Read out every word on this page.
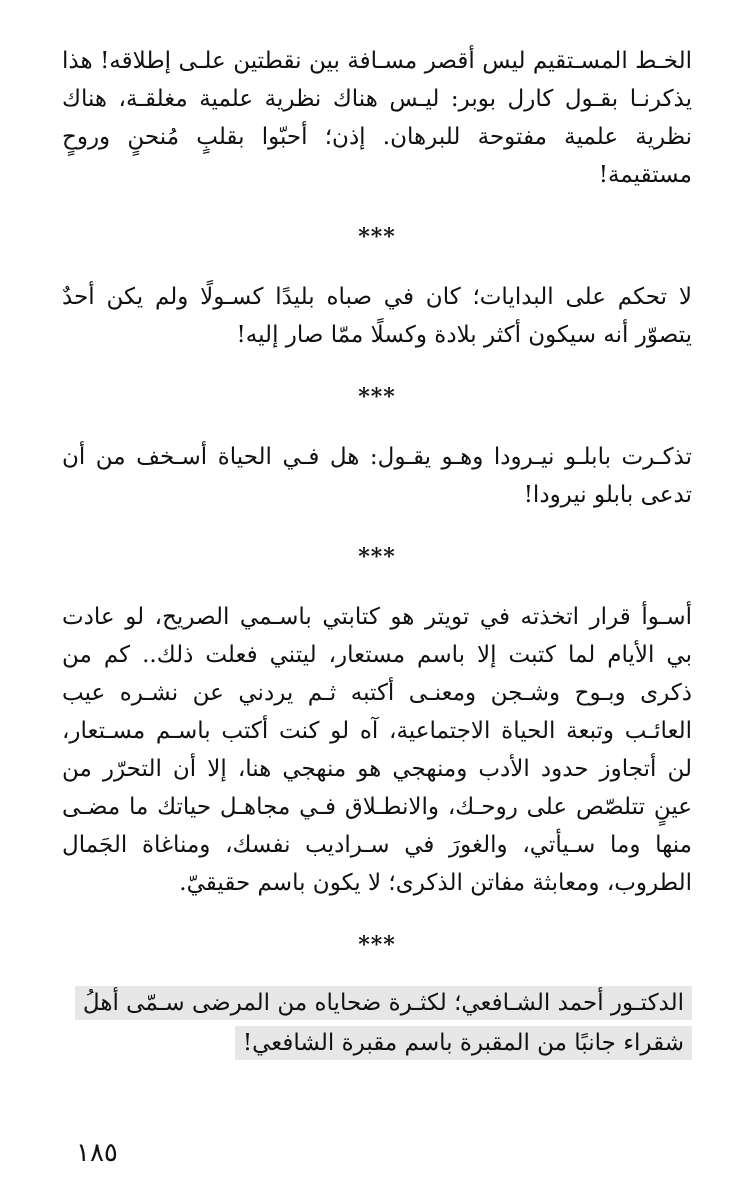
الخـط المسـتقيم ليس أقصر مسـافة بين نقطتين علـى إطلاقه! هذا يذكرنـا بقـول كارل بوبر: ليـس هناك نظرية علمية مغلقـة، هناك نظرية علمية مفتوحة للبرهان. إذن؛ أحبّوا بقلبٍ مُنحنٍ وروحٍ مستقيمة!

***

لا تحكم على البدايات؛ كان في صباه بليدًا كسـولًا ولم يكن أحدٌ يتصوّر أنه سيكون أكثر بلادة وكسلًا ممّا صار إليه!

***

تذكـرت بابلـو نيـرودا وهـو يقـول: هل فـي الحياة أسـخف من أن تدعى بابلو نيرودا!

***

أسـوأ قرار اتخذته في تويتر هو كتابتي باسـمي الصريح، لو عادت بي الأيام لما كتبت إلا باسم مستعار، ليتني فعلت ذلك.. كم من ذكرى وبـوح وشـجن ومعنـى أكتبه ثـم يردني عن نشـره عيب العائـب وتبعة الحياة الاجتماعية، آه لو كنت أكتب باسـم مسـتعار، لن أتجاوز حدود الأدب ومنهجي هو منهجي هنا، إلا أن التحرّر من عينٍ تتلصّص على روحـك، والانطـلاق فـي مجاهـل حياتك ما مضـى منها وما سـيأتي، والغورَ في سـراديب نفسك، ومناغاة الجَمال الطروب، ومعابثة مفاتن الذكرى؛ لا يكون باسم حقيقيّ.

***
الدكتـور أحمد الشـافعي؛ لكثـرة ضحاياه من المرضى سـمّى أهلُ
شقراء جانبًا من المقبرة باسم مقبرة الشافعي!
١٨٥
